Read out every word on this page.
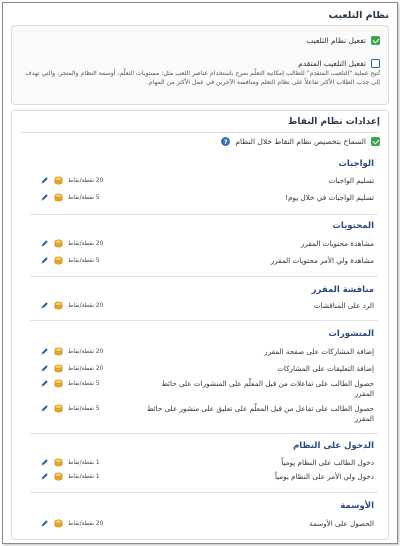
نظام التلعيب
تفعيل نظام التلعيب
تفعيل التلعيب المتقدم
تُتيح عملية "التلعيب المتقدم" للطالب إمكانية التعلّم بمرح باستخدام عناصر اللعب مثل: مستويات التعلّم، أوسمة النظام والمتجر، والتي تهدف إلى جذب الطلاب الأكثر تفاعلاً على نظام التعلم ومنافسة الآخرين في عمل الأكثر من المهام.
إعدادات نظام النقاط
السماح بتخصيص نظام النقاط خلال النظام
?
الواجبات
تسليم الواجبات
20 نقطة/نقاط
تسليم الواجبات في خلال يوم!
5 نقطة/نقاط
المحتويات
مشاهدة محتويات المقرر
20 نقطة/نقاط
مشاهدة ولي الأمر محتويات المقرر
5 نقطة/نقاط
مناقشة المقرر
الرد على المناقشات
20 نقطة/نقاط
المنشورات
إضافة المشاركات على صفحة المقرر
20 نقطة/نقاط
إضافة التعليقات على المشاركات
20 نقطة/نقاط
حصول الطالب على تفاعلات من قبل المعلّم على المنشورات على حائط المقرر
5 نقطة/نقاط
حصول الطالب على تفاعل من قبل المعلّم على تعليق على منشور على حائط المقرر
5 نقطة/نقاط
الدخول على النظام
دخول الطالب على النظام يومياً
1 نقطة/نقاط
دخول ولي الأمر على النظام يومياً
1 نقطة/نقاط
الأوسمة
الحصول على الأوسمة
20 نقطة/نقاط
